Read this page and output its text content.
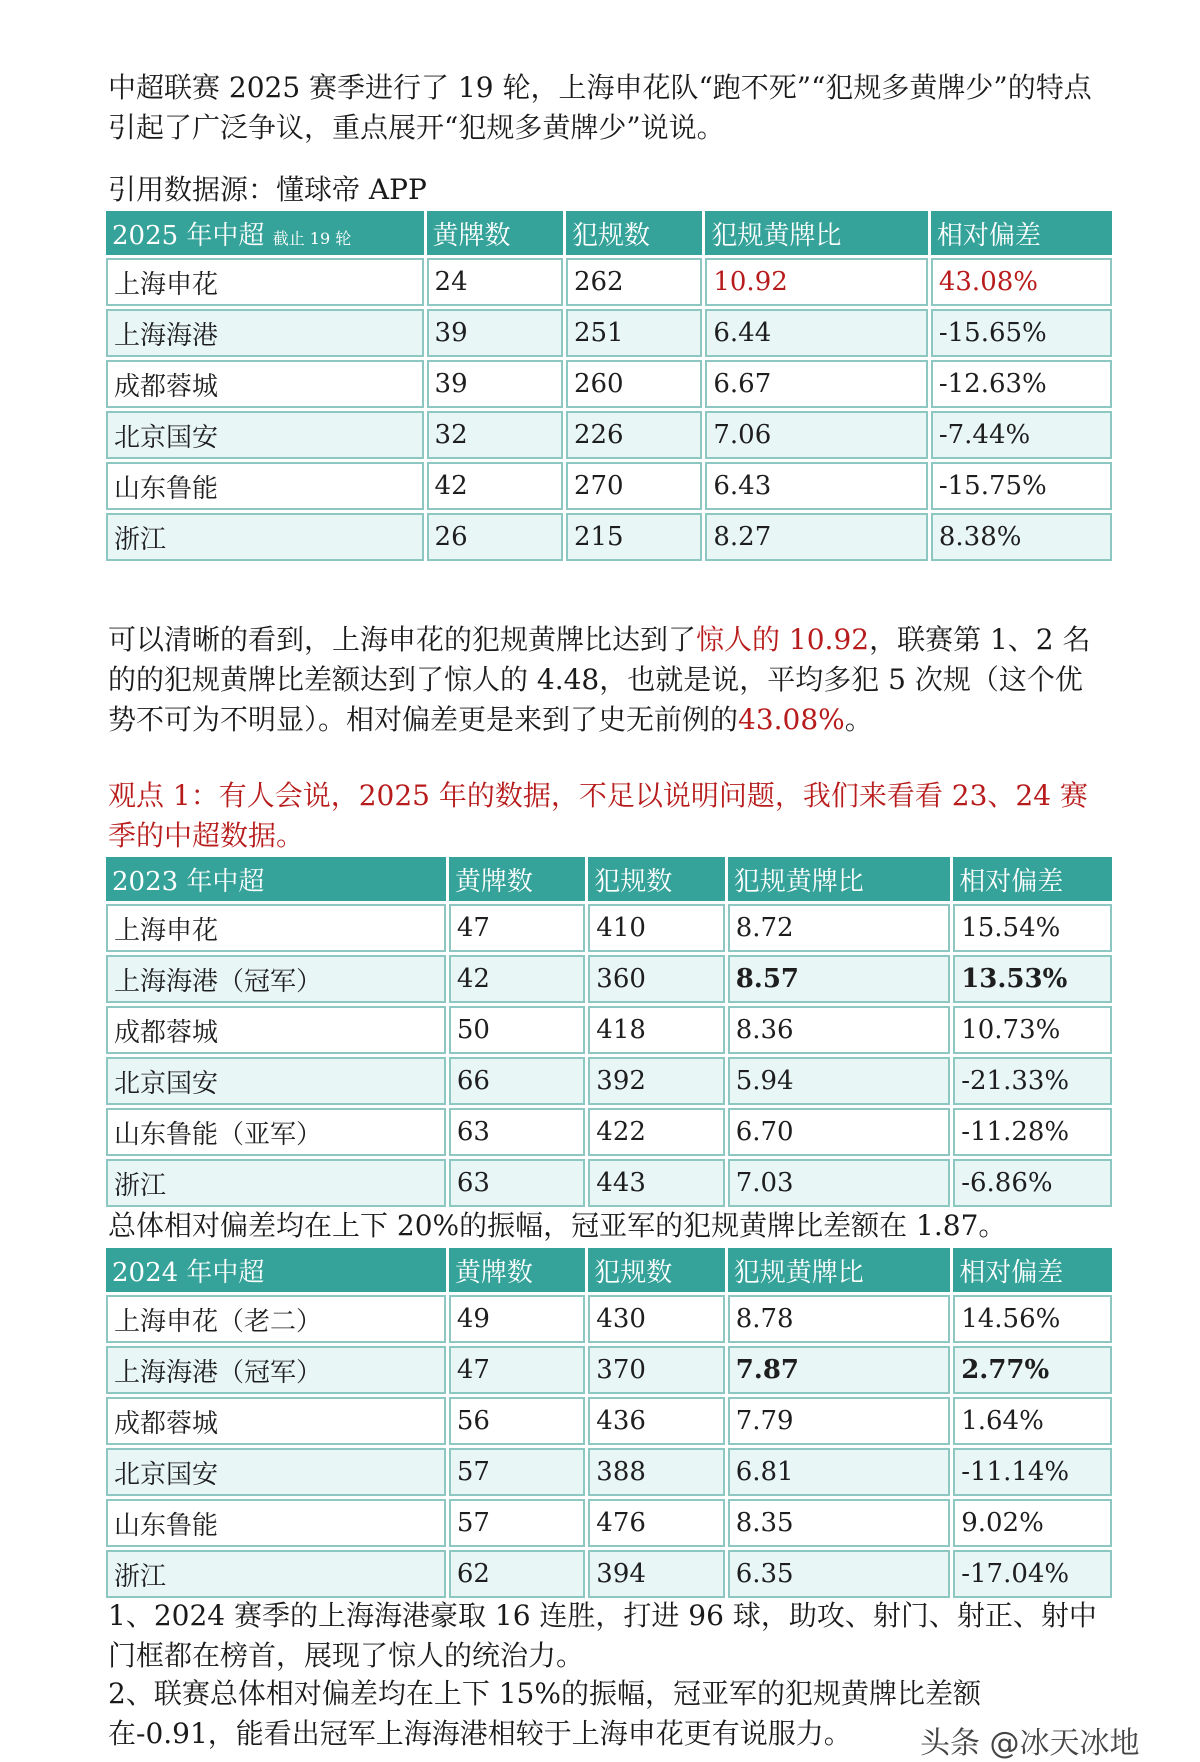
中超联赛 2025 赛季进行了 19 轮，上海申花队“跑不死”“犯规多黄牌少”的特点引起了广泛争议，重点展开“犯规多黄牌少”说说。

引用数据源：懂球帝 APP

2025 年中超 截止 19 轮	黄牌数	犯规数	犯规黄牌比	相对偏差
上海申花	24	262	10.92	43.08%
上海海港	39	251	6.44	-15.65%
成都蓉城	39	260	6.67	-12.63%
北京国安	32	226	7.06	-7.44%
山东鲁能	42	270	6.43	-15.75%
浙江	26	215	8.27	8.38%

可以清晰的看到，上海申花的犯规黄牌比达到了惊人的 10.92，联赛第 1、2 名的的犯规黄牌比差额达到了惊人的 4.48，也就是说，平均多犯 5 次规（这个优势不可为不明显）。相对偏差更是来到了史无前例的43.08%。

观点 1：有人会说，2025 年的数据，不足以说明问题，我们来看看 23、24 赛季的中超数据。

2023 年中超	黄牌数	犯规数	犯规黄牌比	相对偏差
上海申花	47	410	8.72	15.54%
上海海港（冠军）	42	360	8.57	13.53%
成都蓉城	50	418	8.36	10.73%
北京国安	66	392	5.94	-21.33%
山东鲁能（亚军）	63	422	6.70	-11.28%
浙江	63	443	7.03	-6.86%

总体相对偏差均在上下 20%的振幅，冠亚军的犯规黄牌比差额在 1.87。

2024 年中超	黄牌数	犯规数	犯规黄牌比	相对偏差
上海申花（老二）	49	430	8.78	14.56%
上海海港（冠军）	47	370	7.87	2.77%
成都蓉城	56	436	7.79	1.64%
北京国安	57	388	6.81	-11.14%
山东鲁能	57	476	8.35	9.02%
浙江	62	394	6.35	-17.04%

1、2024 赛季的上海海港豪取 16 连胜，打进 96 球，助攻、射门、射正、射中门框都在榜首，展现了惊人的统治力。

2、联赛总体相对偏差均在上下 15%的振幅，冠亚军的犯规黄牌比差额在-0.91，能看出冠军上海海港相较于上海申花更有说服力。	头条 @冰天冰地
